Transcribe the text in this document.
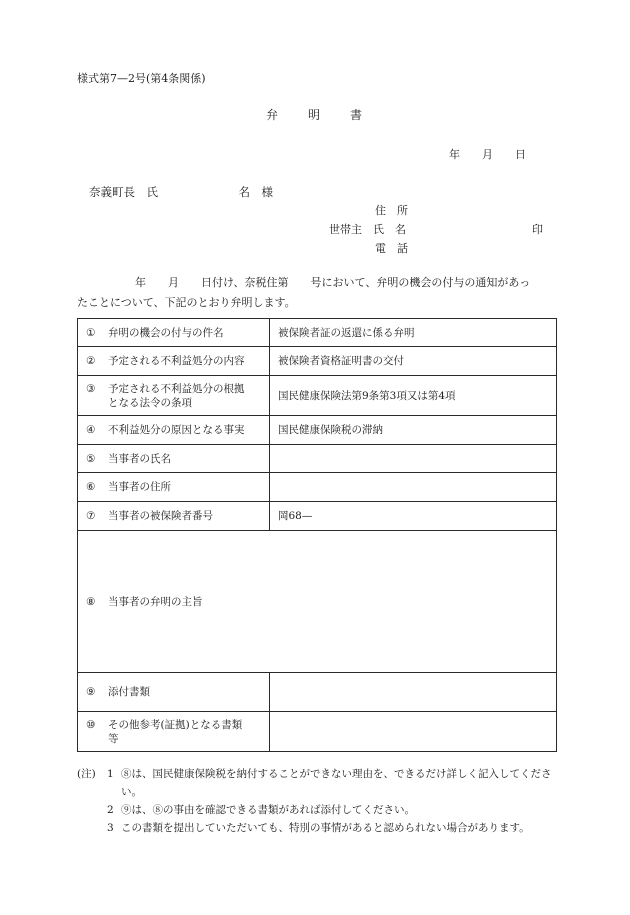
様式第7—2号(第4条関係)
弁　　明　　書
年　　月　　日
奈義町長　氏　　　　　　　名　様
住　所
世帯主　 氏　名	印
電　話

年　　月　　日付け、奈税住第　　号において、弁明の機会の付与の通知があっ

たことについて、下記のとおり弁明します。

① 弁明の機会の付与の件名	被保険者証の返還に係る弁明
② 予定される不利益処分の内容	被保険者資格証明書の交付
③ 予定される不利益処分の根拠
となる法令の条項	国民健康保険法第9条第3項又は第4項
④ 不利益処分の原因となる事実	国民健康保険税の滞納
⑤ 当事者の氏名	
⑥ 当事者の住所	
⑦ 当事者の被保険者番号	岡68—
⑧ 当事者の弁明の主旨	
⑨ 添付書類	
⑩ その他参考(証拠)となる書類
等	

(注)	1 ⑧は、国民健康保険税を納付することができない理由を、できるだけ詳しく記入してください。
2 ⑨は、⑧の事由を確認できる書類があれば添付してください。
3 この書類を提出していただいても、特別の事情があると認められない場合があります。
